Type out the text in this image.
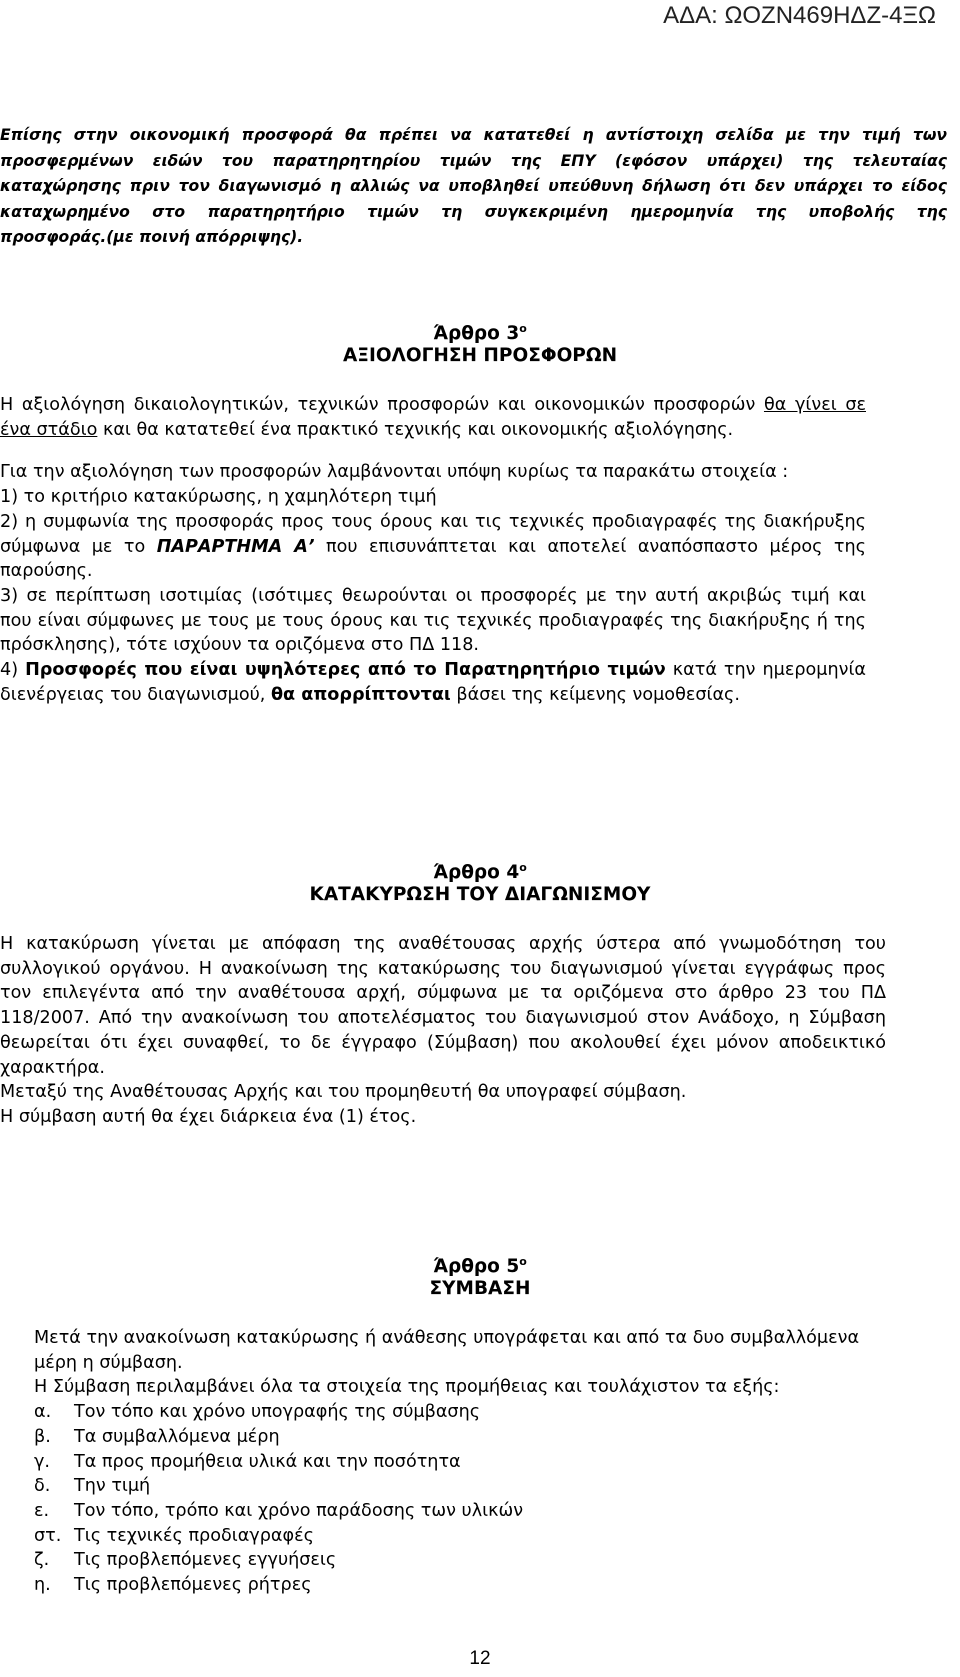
ΑΔΑ: ΩΟΖΝ469ΗΔΖ-4ΞΩ
Επίσης στην οικονομική προσφορά θα πρέπει να κατατεθεί η αντίστοιχη σελίδα με την τιμή των
προσφερμένων ειδών του παρατηρητηρίου τιμών της ΕΠΥ (εφόσον υπάρχει) της τελευταίας
καταχώρησης πριν τον διαγωνισμό η αλλιώς να υποβληθεί υπεύθυνη δήλωση ότι δεν υπάρχει το είδος
καταχωρημένο στο παρατηρητήριο τιμών τη συγκεκριμένη ημερομηνία της υποβολής της
προσφοράς.(με ποινή απόρριψης).
Άρθρο $3^o$
ΑΞΙΟΛΟΓΗΣΗ ΠΡΟΣΦΟΡΩΝ

Η αξιολόγηση δικαιολογητικών, τεχνικών προσφορών και οικονομικών προσφορών θα γίνει σε ένα στάδιο και θα κατατεθεί ένα πρακτικό τεχνικής και οικονομικής αξιολόγησης.

Για την αξιολόγηση των προσφορών λαμβάνονται υπόψη κυρίως τα παρακάτω στοιχεία :

1) το κριτήριο κατακύρωσης, η χαμηλότερη τιμή

2) η συμφωνία της προσφοράς προς τους όρους και τις τεχνικές προδιαγραφές της διακήρυξης σύμφωνα με το ΠΑΡΑΡΤΗΜΑ Α’ που επισυνάπτεται και αποτελεί αναπόσπαστο μέρος της παρούσης.

3) σε περίπτωση ισοτιμίας (ισότιμες θεωρούνται οι προσφορές με την αυτή ακριβώς τιμή και που είναι σύμφωνες με τους με τους όρους και τις τεχνικές προδιαγραφές της διακήρυξης ή της πρόσκλησης), τότε ισχύουν τα οριζόμενα στο ΠΔ 118.

4) Προσφορές που είναι υψηλότερες από το Παρατηρητήριο τιμών κατά την ημερομηνία διενέργειας του διαγωνισμού, θα απορρίπτονται βάσει της κείμενης νομοθεσίας.

Άρθρο $4^o$
ΚΑΤΑΚΥΡΩΣΗ ΤΟΥ ΔΙΑΓΩΝΙΣΜΟΥ

Η κατακύρωση γίνεται με απόφαση της αναθέτουσας αρχής ύστερα από γνωμοδότηση του συλλογικού οργάνου. Η ανακοίνωση της κατακύρωσης του διαγωνισμού γίνεται εγγράφως προς τον επιλεγέντα από την αναθέτουσα αρχή, σύμφωνα με τα οριζόμενα στο άρθρο 23 του ΠΔ 118/2007. Από την ανακοίνωση του αποτελέσματος του διαγωνισμού στον Ανάδοχο, η Σύμβαση θεωρείται ότι έχει συναφθεί, το δε έγγραφο (Σύμβαση) που ακολουθεί έχει μόνον αποδεικτικό χαρακτήρα.

Μεταξύ της Αναθέτουσας Αρχής και του προμηθευτή θα υπογραφεί σύμβαση.

Η σύμβαση αυτή θα έχει διάρκεια ένα (1) έτος.

Άρθρο $5^o$
ΣΥΜΒΑΣΗ

Μετά την ανακοίνωση κατακύρωσης ή ανάθεσης υπογράφεται και από τα δυο συμβαλλόμενα μέρη η σύμβαση.

Η Σύμβαση περιλαμβάνει όλα τα στοιχεία της προμήθειας και τουλάχιστον τα εξής:

α. Τον τόπο και χρόνο υπογραφής της σύμβασης
β. Τα συμβαλλόμενα μέρη
γ. Τα προς προμήθεια υλικά και την ποσότητα
δ. Την τιμή
ε. Τον τόπο, τρόπο και χρόνο παράδοσης των υλικών
στ. Τις τεχνικές προδιαγραφές
ζ. Τις προβλεπόμενες εγγυήσεις
η. Τις προβλεπόμενες ρήτρες
12
